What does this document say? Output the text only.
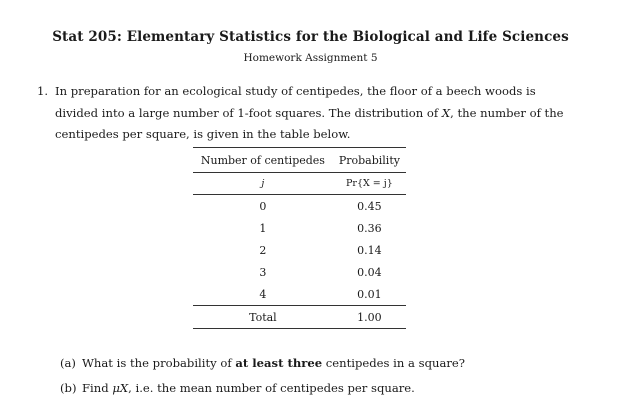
Stat 205: Elementary Statistics for the Biological and Life Sciences
Homework Assignment 5
1. In preparation for an ecological study of centipedes, the floor of a beech woods is divided into a large number of 1-foot squares. The distribution of X, the number of the centipedes per square, is given in the table below.
Number of centipedes	Probability
j	Pr{X = j}
0	0.45
1	0.36
2	0.14
3	0.04
4	0.01
Total	1.00
(a) What is the probability of at least three centipedes in a square?
(b) Find μX, i.e. the mean number of centipedes per square.
